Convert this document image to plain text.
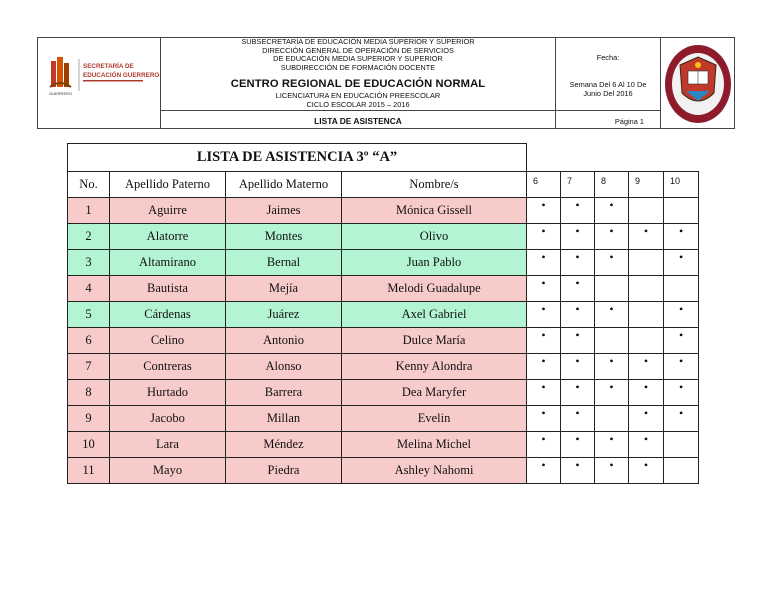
GUERRERO
SECRETARÍA DE
EDUCACIÓN GUERRERO
SUBSECRETARÍA DE EDUCACIÓN MEDIA SUPERIOR Y SUPERIOR
DIRECCIÓN GENERAL DE OPERACIÓN DE SERVICIOS
DE EDUCACIÓN MEDIA SUPERIOR Y SUPERIOR
SUBDIRECCIÓN DE FORMACIÓN DOCENTE
CENTRO REGIONAL DE EDUCACIÓN NORMAL
LICENCIATURA EN EDUCACIÓN PREESCOLAR
CICLO ESCOLAR 2015 – 2016
LISTA DE ASISTENCA
Fecha:
Semana Del 6 Al 10 De
Junio Del 2016
Página 1
LISTA DE ASISTENCIA 3º “A”								
No.	Apellido Paterno	Apellido Materno	Nombre/s	6	7	8	9	10
1	Aguirre	Jaimes	Mónica Gissell	•	•	•		
2	Alatorre	Montes	Olivo	•	•	•	•	•
3	Altamirano	Bernal	Juan Pablo	•	•	•		•
4	Bautista	Mejía	Melodi Guadalupe	•	•			
5	Cárdenas	Juárez	Axel Gabriel	•	•	•		•
6	Celino	Antonio	Dulce María	•	•			•
7	Contreras	Alonso	Kenny Alondra	•	•	•	•	•
8	Hurtado	Barrera	Dea Maryfer	•	•	•	•	•
9	Jacobo	Millan	Evelin	•	•		•	•
10	Lara	Méndez	Melina Michel	•	•	•	•	
11	Mayo	Piedra	Ashley Nahomi	•	•	•	•	
